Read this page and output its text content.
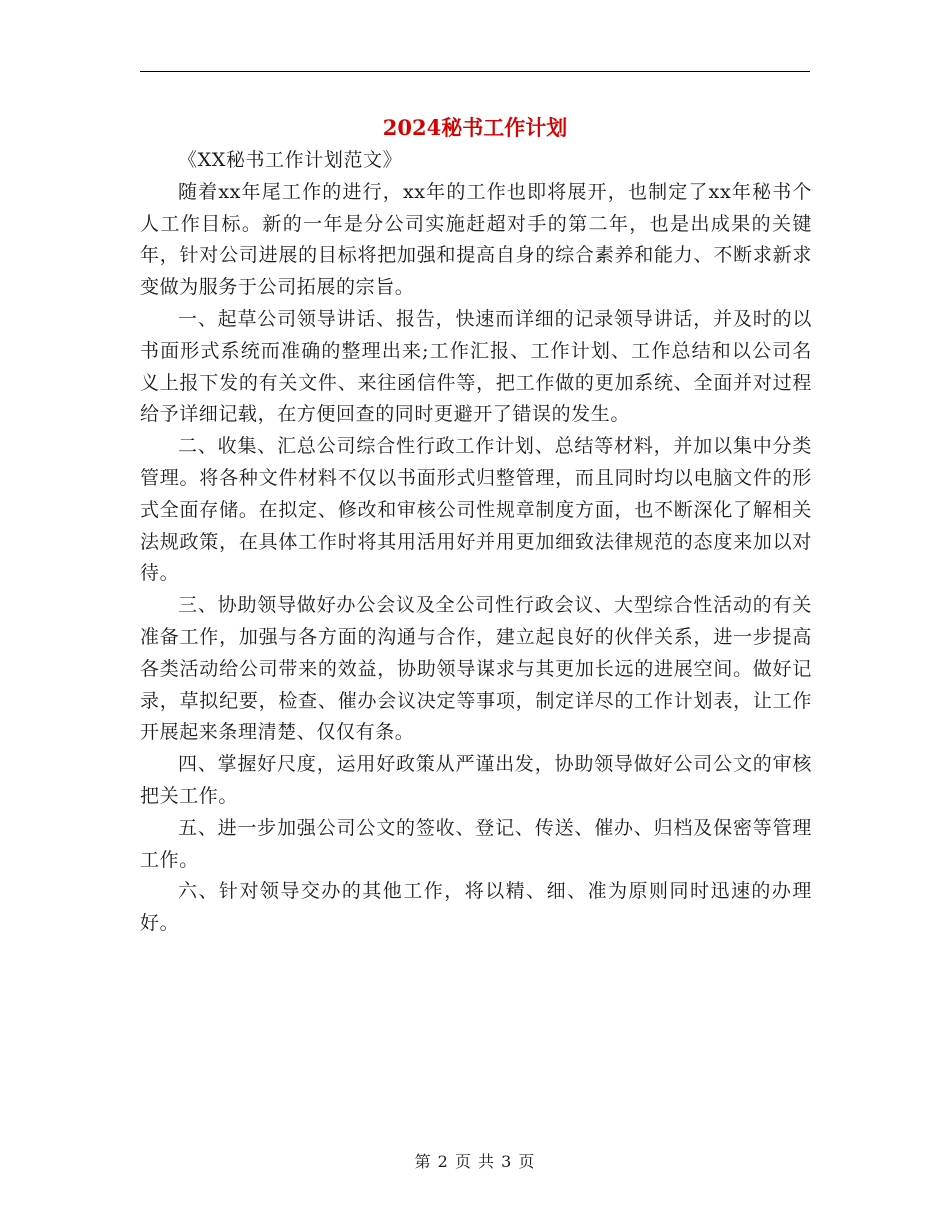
2024秘书工作计划

《XX秘书工作计划范文》

随着xx年尾工作的进行，xx年的工作也即将展开，也制定了xx年秘书个人工作目标。新的一年是分公司实施赶超对手的第二年，也是出成果的关键年，针对公司进展的目标将把加强和提高自身的综合素养和能力、不断求新求变做为服务于公司拓展的宗旨。

一、起草公司领导讲话、报告，快速而详细的记录领导讲话，并及时的以书面形式系统而准确的整理出来;工作汇报、工作计划、工作总结和以公司名义上报下发的有关文件、来往函信件等，把工作做的更加系统、全面并对过程给予详细记载，在方便回查的同时更避开了错误的发生。

二、收集、汇总公司综合性行政工作计划、总结等材料，并加以集中分类管理。将各种文件材料不仅以书面形式归整管理，而且同时均以电脑文件的形式全面存储。在拟定、修改和审核公司性规章制度方面，也不断深化了解相关法规政策，在具体工作时将其用活用好并用更加细致法律规范的态度来加以对待。

三、协助领导做好办公会议及全公司性行政会议、大型综合性活动的有关准备工作，加强与各方面的沟通与合作，建立起良好的伙伴关系，进一步提高各类活动给公司带来的效益，协助领导谋求与其更加长远的进展空间。做好记录，草拟纪要，检查、催办会议决定等事项，制定详尽的工作计划表，让工作开展起来条理清楚、仅仅有条。

四、掌握好尺度，运用好政策从严谨出发，协助领导做好公司公文的审核把关工作。

五、进一步加强公司公文的签收、登记、传送、催办、归档及保密等管理工作。

六、针对领导交办的其他工作，将以精、细、准为原则同时迅速的办理好。

第 2 页 共 3 页
